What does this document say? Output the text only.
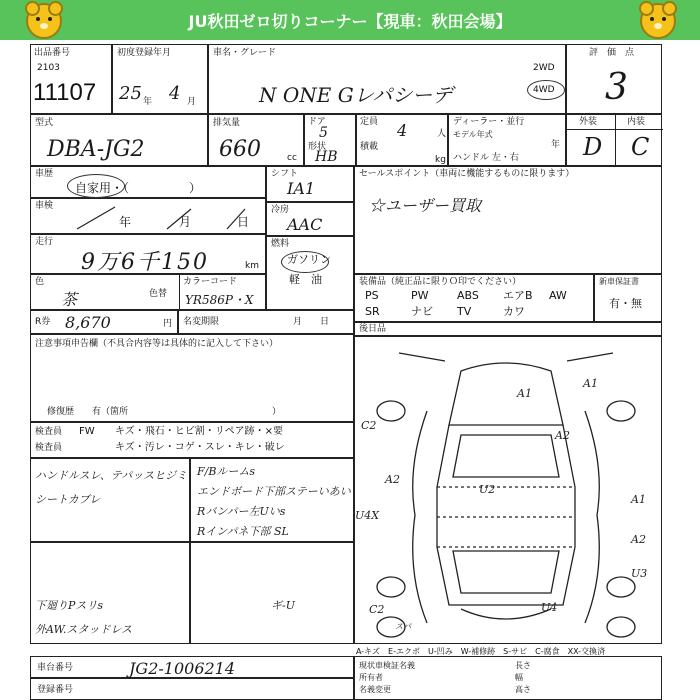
JU秋田ゼロ切りコーナー【現車：秋田会場】
出品番号
2103
11107
初度登録年月
25 年 4 月
車名・グレード
N ONE Gレパシーデ
2WD
4WD
評　価　点
3
型式
DBA-JG2
排気量
660	cc
ドア
5
形状
HB
定員 4	人
積載
kg
ディーラー・並行
モデル年式
年
ハンドル 左・右
外装	内装
D C
車歴
自家用・（　　　　　）
車検
年	月	日
走行
9万6千150	km
色
茶	色替
カラーコード
YR586P・X
R券 8,670	円 名変期限	月　　日
シフト
IA1
冷房
AAC
燃料
ガソリン
軽　油
セールスポイント（車両に機能するものに限ります）
☆ユーザー買取
装備品（純正品に限りＯ印でください）
PS	PW	ABS エアB AW
SR	ナビ TV	カワ
新車保証書
有・無
後日品
注意事項申告欄（不具合内容等は具体的に記入して下さい）
修復歴　　有（箇所　　　　　　　　　　　　　　　　）
検査員
検査員
FW キズ・飛石・ヒビ割・リペア跡・×要
キズ・汚レ・コゲ・スレ・キレ・破レ
ハンドルスレ、テパッスヒジミ
シートカブレ
F/Bルームs
エンドボード下部ステーいあい
Rバンパー左Uいs
Rインパネ下部 SL
下廻りPスリs
外AW.スタッドレス
ギ-U
A1
A1
A2
C2
A2
U2
U4X
A1
A2
U3
U4
C2
スパ
A-キズ　E-エクボ　U-凹み　W-補修跡　S-サビ　C-腐食　XX-交換済
車台番号	JG2-1006214
登録番号
現状車検証名義
所有者
名義変更
長さ
幅
高さ
